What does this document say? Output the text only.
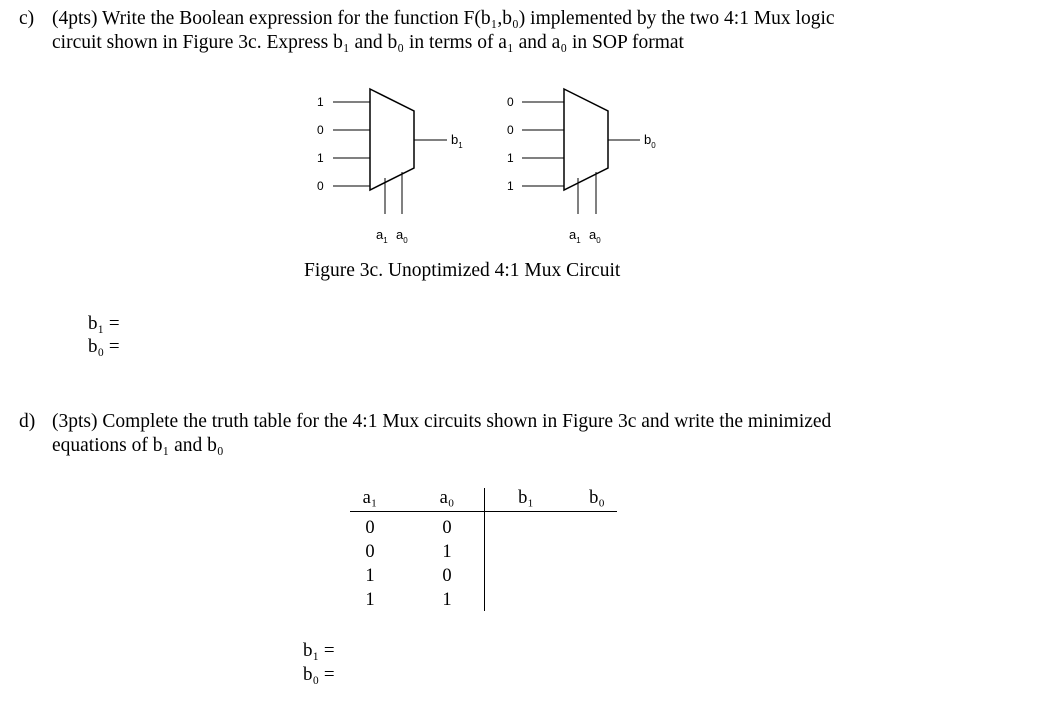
c) (4pts) Write the Boolean expression for the function F(b₁,b₀) implemented by the two 4:1 Mux logic
circuit shown in Figure 3c. Express b₁ and b₀ in terms of a₁ and a₀ in SOP format
1
0
1
0
$b_1$
$a_1$ $a_0$
0
0
1
1
$b_0$
$a_1$ $a_0$
Figure 3c. Unoptimized 4:1 Mux Circuit
b₁ =
b₀ =
d) (3pts) Complete the truth table for the 4:1 Mux circuits shown in Figure 3c and write the minimized
equations of b₁ and b₀
a₁	a₀	b₁	b₀
0	0
0	1
1	0
1	1
b₁ =
b₀ =
